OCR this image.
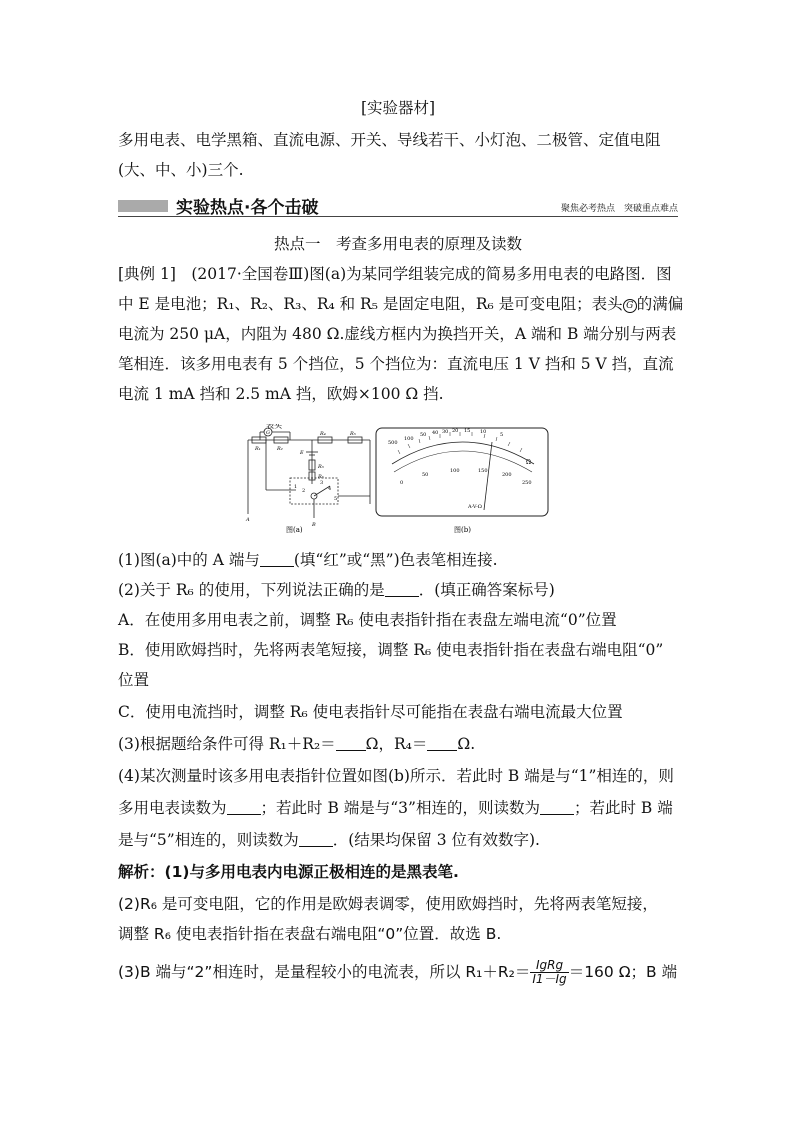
[实验器材]
多用电表、电学黑箱、直流电源、开关、导线若干、小灯泡、二极管、定值电阻
(大、中、小)三个.
实验热点·各个击破	聚焦必考热点　突破重点难点
热点一　考查多用电表的原理及读数
[典例 1]　(2017·全国卷Ⅲ)图(a)为某同学组装完成的简易多用电表的电路图．图
中 E 是电池；R₁、R₂、R₃、R₄ 和 R₅ 是固定电阻，R₆ 是可变电阻；表头 G 的满偏
电流为 250 μA，内阻为 480 Ω.虚线方框内为换挡开关，A 端和 B 端分别与两表
笔相连．该多用电表有 5 个挡位，5 个挡位为：直流电压 1 V 挡和 5 V 挡，直流
电流 1 mA 挡和 2.5 mA 挡，欧姆×100 Ω 挡.
表头
G
R₁	R₂
R₄	R₅
R₃
R₆
E
1
2
3
4
5
B
A
500
100
50 40 30 20 15 10	5
Ω
0
50
100	150
200
250
A-V-Ω
图(a)	图(b)
(1)图(a)中的 A 端与 (填“红”或“黑”)色表笔相连接.
(2)关于 R₆ 的使用，下列说法正确的是 ．(填正确答案标号)
A．在使用多用电表之前，调整 R₆ 使电表指针指在表盘左端电流“0”位置
B．使用欧姆挡时，先将两表笔短接，调整 R₆ 使电表指针指在表盘右端电阻“0”
位置
C．使用电流挡时，调整 R₆ 使电表指针尽可能指在表盘右端电流最大位置
(3)根据题给条件可得 R₁＋R₂＝ Ω，R₄＝ Ω.
(4)某次测量时该多用电表指针位置如图(b)所示．若此时 B 端是与“1”相连的，则
多用电表读数为 ；若此时 B 端是与“3”相连的，则读数为 ；若此时 B 端
是与“5”相连的，则读数为 ．(结果均保留 3 位有效数字).
解析：(1)与多用电表内电源正极相连的是黑表笔.
(2)R₆ 是可变电阻，它的作用是欧姆表调零，使用欧姆挡时，先将两表笔短接，
调整 R₆ 使电表指针指在表盘右端电阻“0”位置．故选 B.
(3)B 端与“2”相连时，是量程较小的电流表，所以 $R_1+R_2= \frac{\text{IgRg}}{I1-Ig} =160$ Ω；B 端
